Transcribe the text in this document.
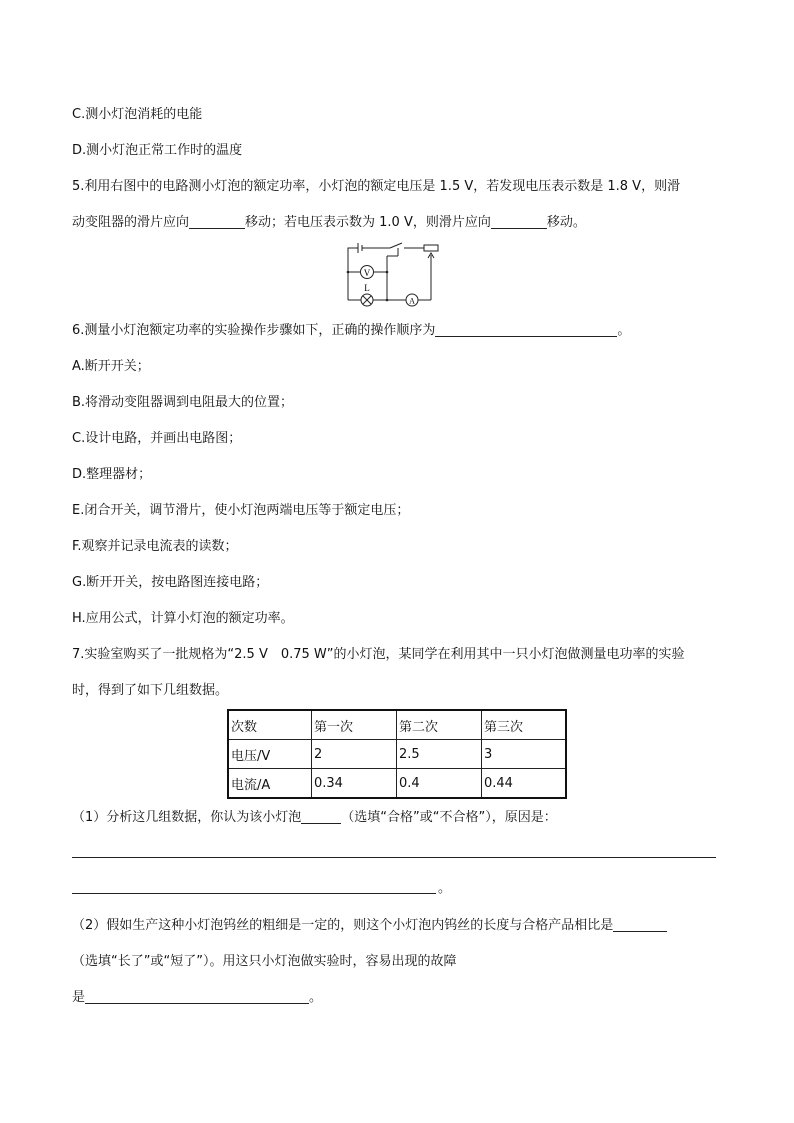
C.测小灯泡消耗的电能
D.测小灯泡正常工作时的温度
5.利用右图中的电路测小灯泡的额定功率，小灯泡的额定电压是 1.5 V，若发现电压表示数是 1.8 V，则滑
动变阻器的滑片应向	移动；若电压表示数为 1.0 V，则滑片应向	移动。
V
L
A
6.测量小灯泡额定功率的实验操作步骤如下，正确的操作顺序为	。
A.断开开关；
B.将滑动变阻器调到电阻最大的位置；
C.设计电路，并画出电路图；
D.整理器材；
E.闭合开关，调节滑片，使小灯泡两端电压等于额定电压；
F.观察并记录电流表的读数；
G.断开开关，按电路图连接电路；
H.应用公式，计算小灯泡的额定功率。
7.实验室购买了一批规格为“2.5 V　0.75 W”的小灯泡，某同学在利用其中一只小灯泡做测量电功率的实验
时，得到了如下几组数据。
次数	第一次	第二次	第三次
电压/V	2	2.5	3
电流/A	0.34	0.4	0.44
（1）分析这几组数据，你认为该小灯泡	（选填“合格”或“不合格”），原因是：
。
（2）假如生产这种小灯泡钨丝的粗细是一定的，则这个小灯泡内钨丝的长度与合格产品相比是
（选填“长了”或“短了”）。用这只小灯泡做实验时，容易出现的故障
是	。
